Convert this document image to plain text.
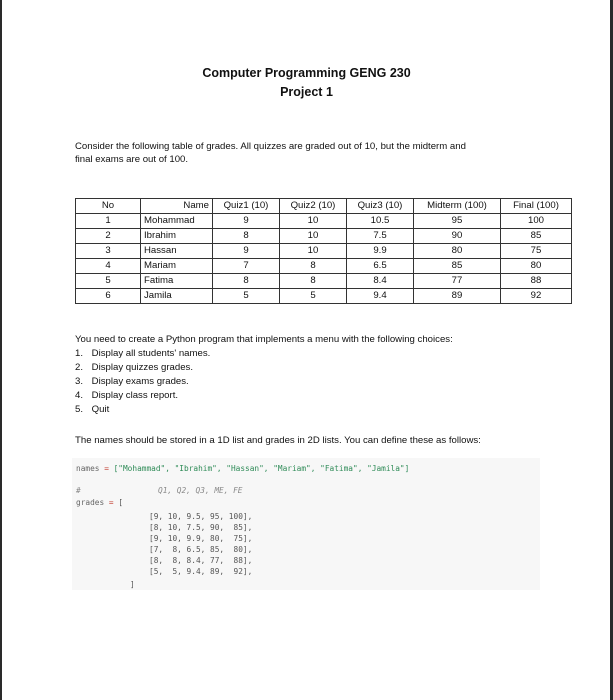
Computer Programming GENG 230
Project 1
Consider the following table of grades. All quizzes are graded out of 10, but the midterm and
final exams are out of 100.
No	Name	Quiz1 (10)	Quiz2 (10)	Quiz3 (10)	Midterm (100)	Final (100)
1	Mohammad	9	10	10.5	95	100
2	Ibrahim	8	10	7.5	90	85
3	Hassan	9	10	9.9	80	75
4	Mariam	7	8	6.5	85	80
5	Fatima	8	8	8.4	77	88
6	Jamila	5	5	9.4	89	92
You need to create a Python program that implements a menu with the following choices:
1. Display all students' names.
2. Display quizzes grades.
3. Display exams grades.
4. Display class report.
5. Quit
The names should be stored in a 1D list and grades in 2D lists. You can define these as follows:
names = ["Mohammad", "Ibrahim", "Hassan", "Mariam", "Fatima", "Jamila"]
#	Q1, Q2, Q3, ME, FE
grades = [
[9, 10, 9.5, 95, 100],
[8, 10, 7.5, 90,  85],
[9, 10, 9.9, 80,  75],
[7,  8, 6.5, 85,  80],
[8,  8, 8.4, 77,  88],
[5,  5, 9.4, 89,  92],
]
